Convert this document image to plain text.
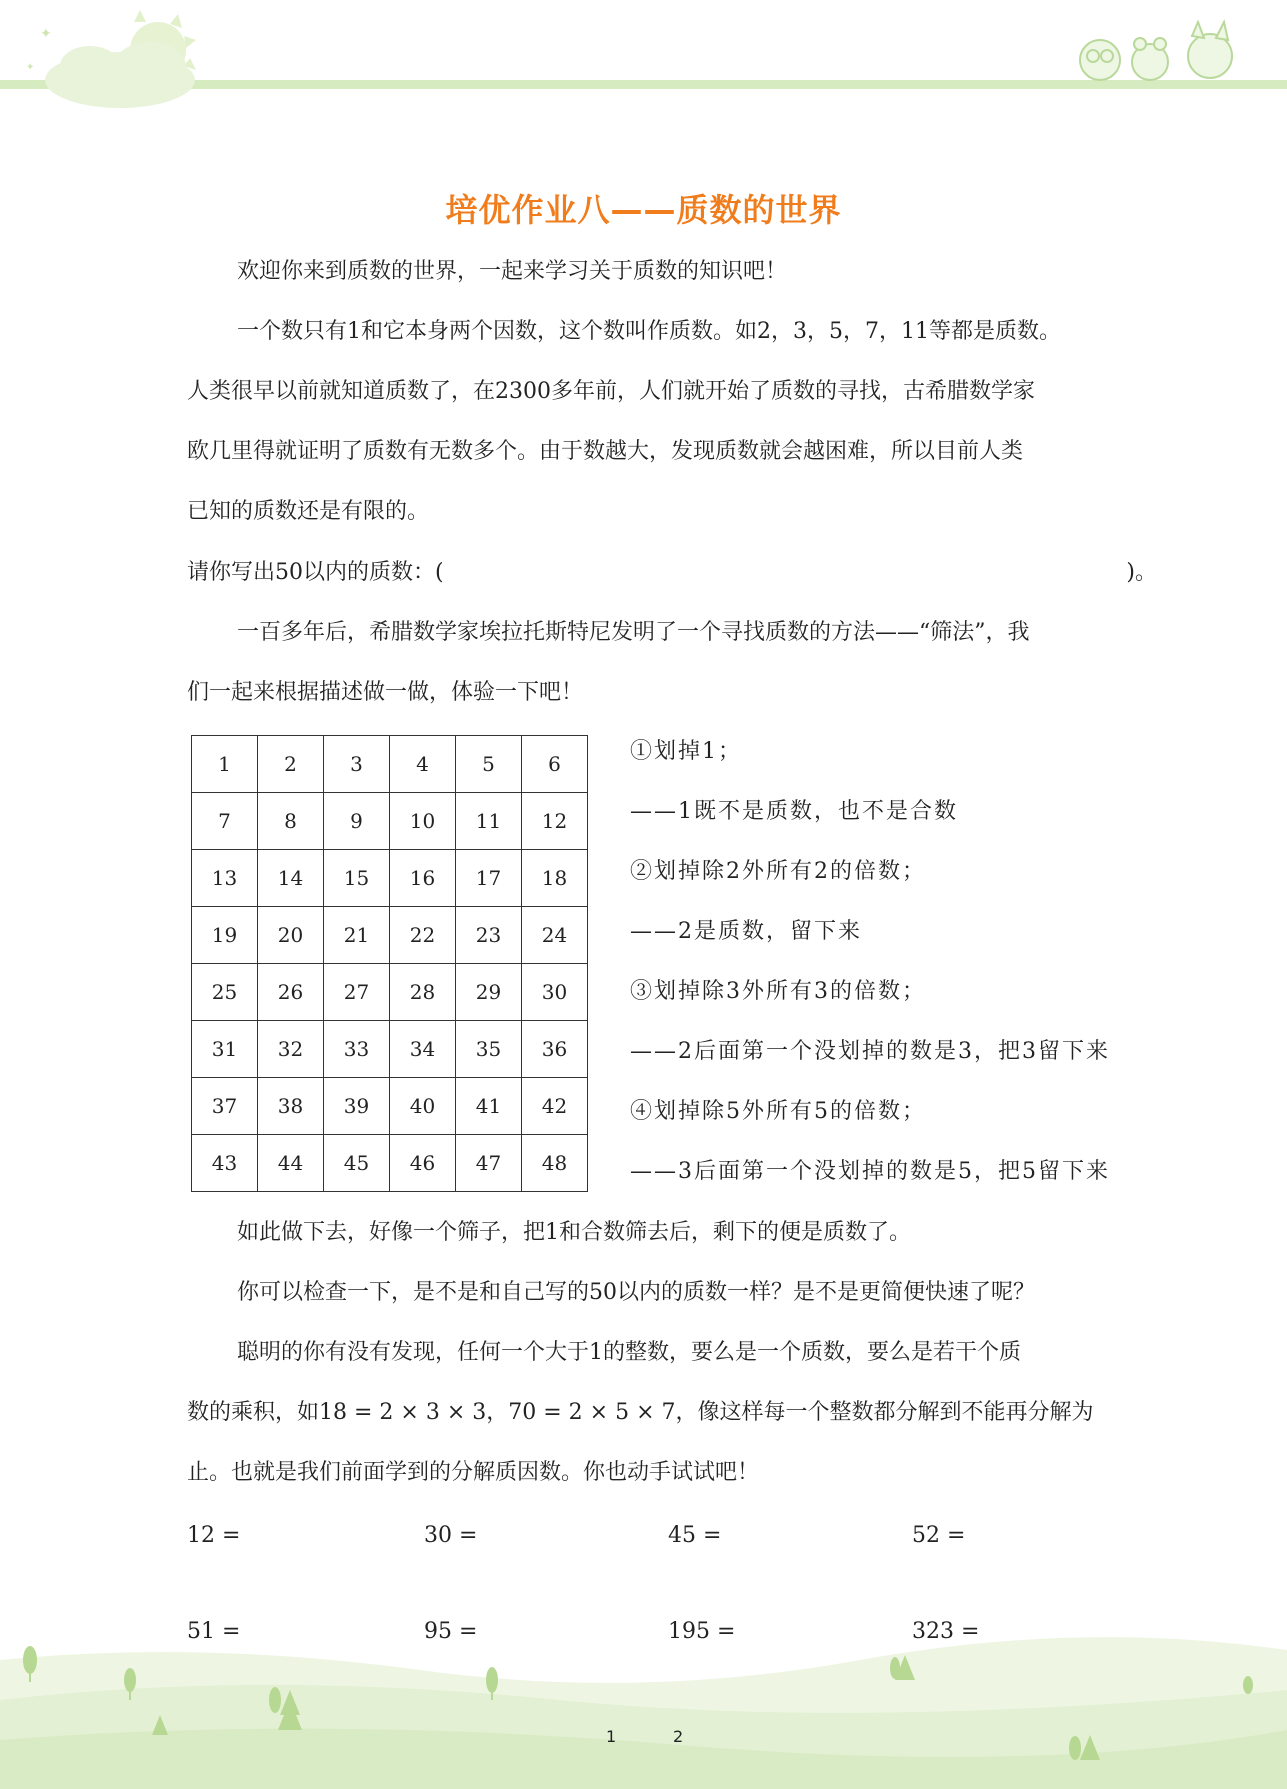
✦
✦
培优作业八——质数的世界
欢迎你来到质数的世界，一起来学习关于质数的知识吧！
一个数只有1和它本身两个因数，这个数叫作质数。如2，3，5，7，11等都是质数。
人类很早以前就知道质数了，在2300多年前，人们就开始了质数的寻找，古希腊数学家
欧几里得就证明了质数有无数多个。由于数越大，发现质数就会越困难，所以目前人类
已知的质数还是有限的。
请你写出50以内的质数：(	)。
一百多年后，希腊数学家埃拉托斯特尼发明了一个寻找质数的方法——“筛法”，我
们一起来根据描述做一做，体验一下吧！
1	2	3	4	5	6
7	8	9	10	11	12
13	14	15	16	17	18
19	20	21	22	23	24
25	26	27	28	29	30
31	32	33	34	35	36
37	38	39	40	41	42
43	44	45	46	47	48
①划掉1；
——1既不是质数，也不是合数
②划掉除2外所有2的倍数；
——2是质数，留下来
③划掉除3外所有3的倍数；
——2后面第一个没划掉的数是3，把3留下来
④划掉除5外所有5的倍数；
——3后面第一个没划掉的数是5，把5留下来
如此做下去，好像一个筛子，把1和合数筛去后，剩下的便是质数了。
你可以检查一下，是不是和自己写的50以内的质数一样？是不是更简便快速了呢？
聪明的你有没有发现，任何一个大于1的整数，要么是一个质数，要么是若干个质
数的乘积，如18 = 2 × 3 × 3，70 = 2 × 5 × 7，像这样每一个整数都分解到不能再分解为
止。也就是我们前面学到的分解质因数。你也动手试试吧！
12 =	30 =	45 =	52 =
51 =	95 =	195 =	323 =
1	2
